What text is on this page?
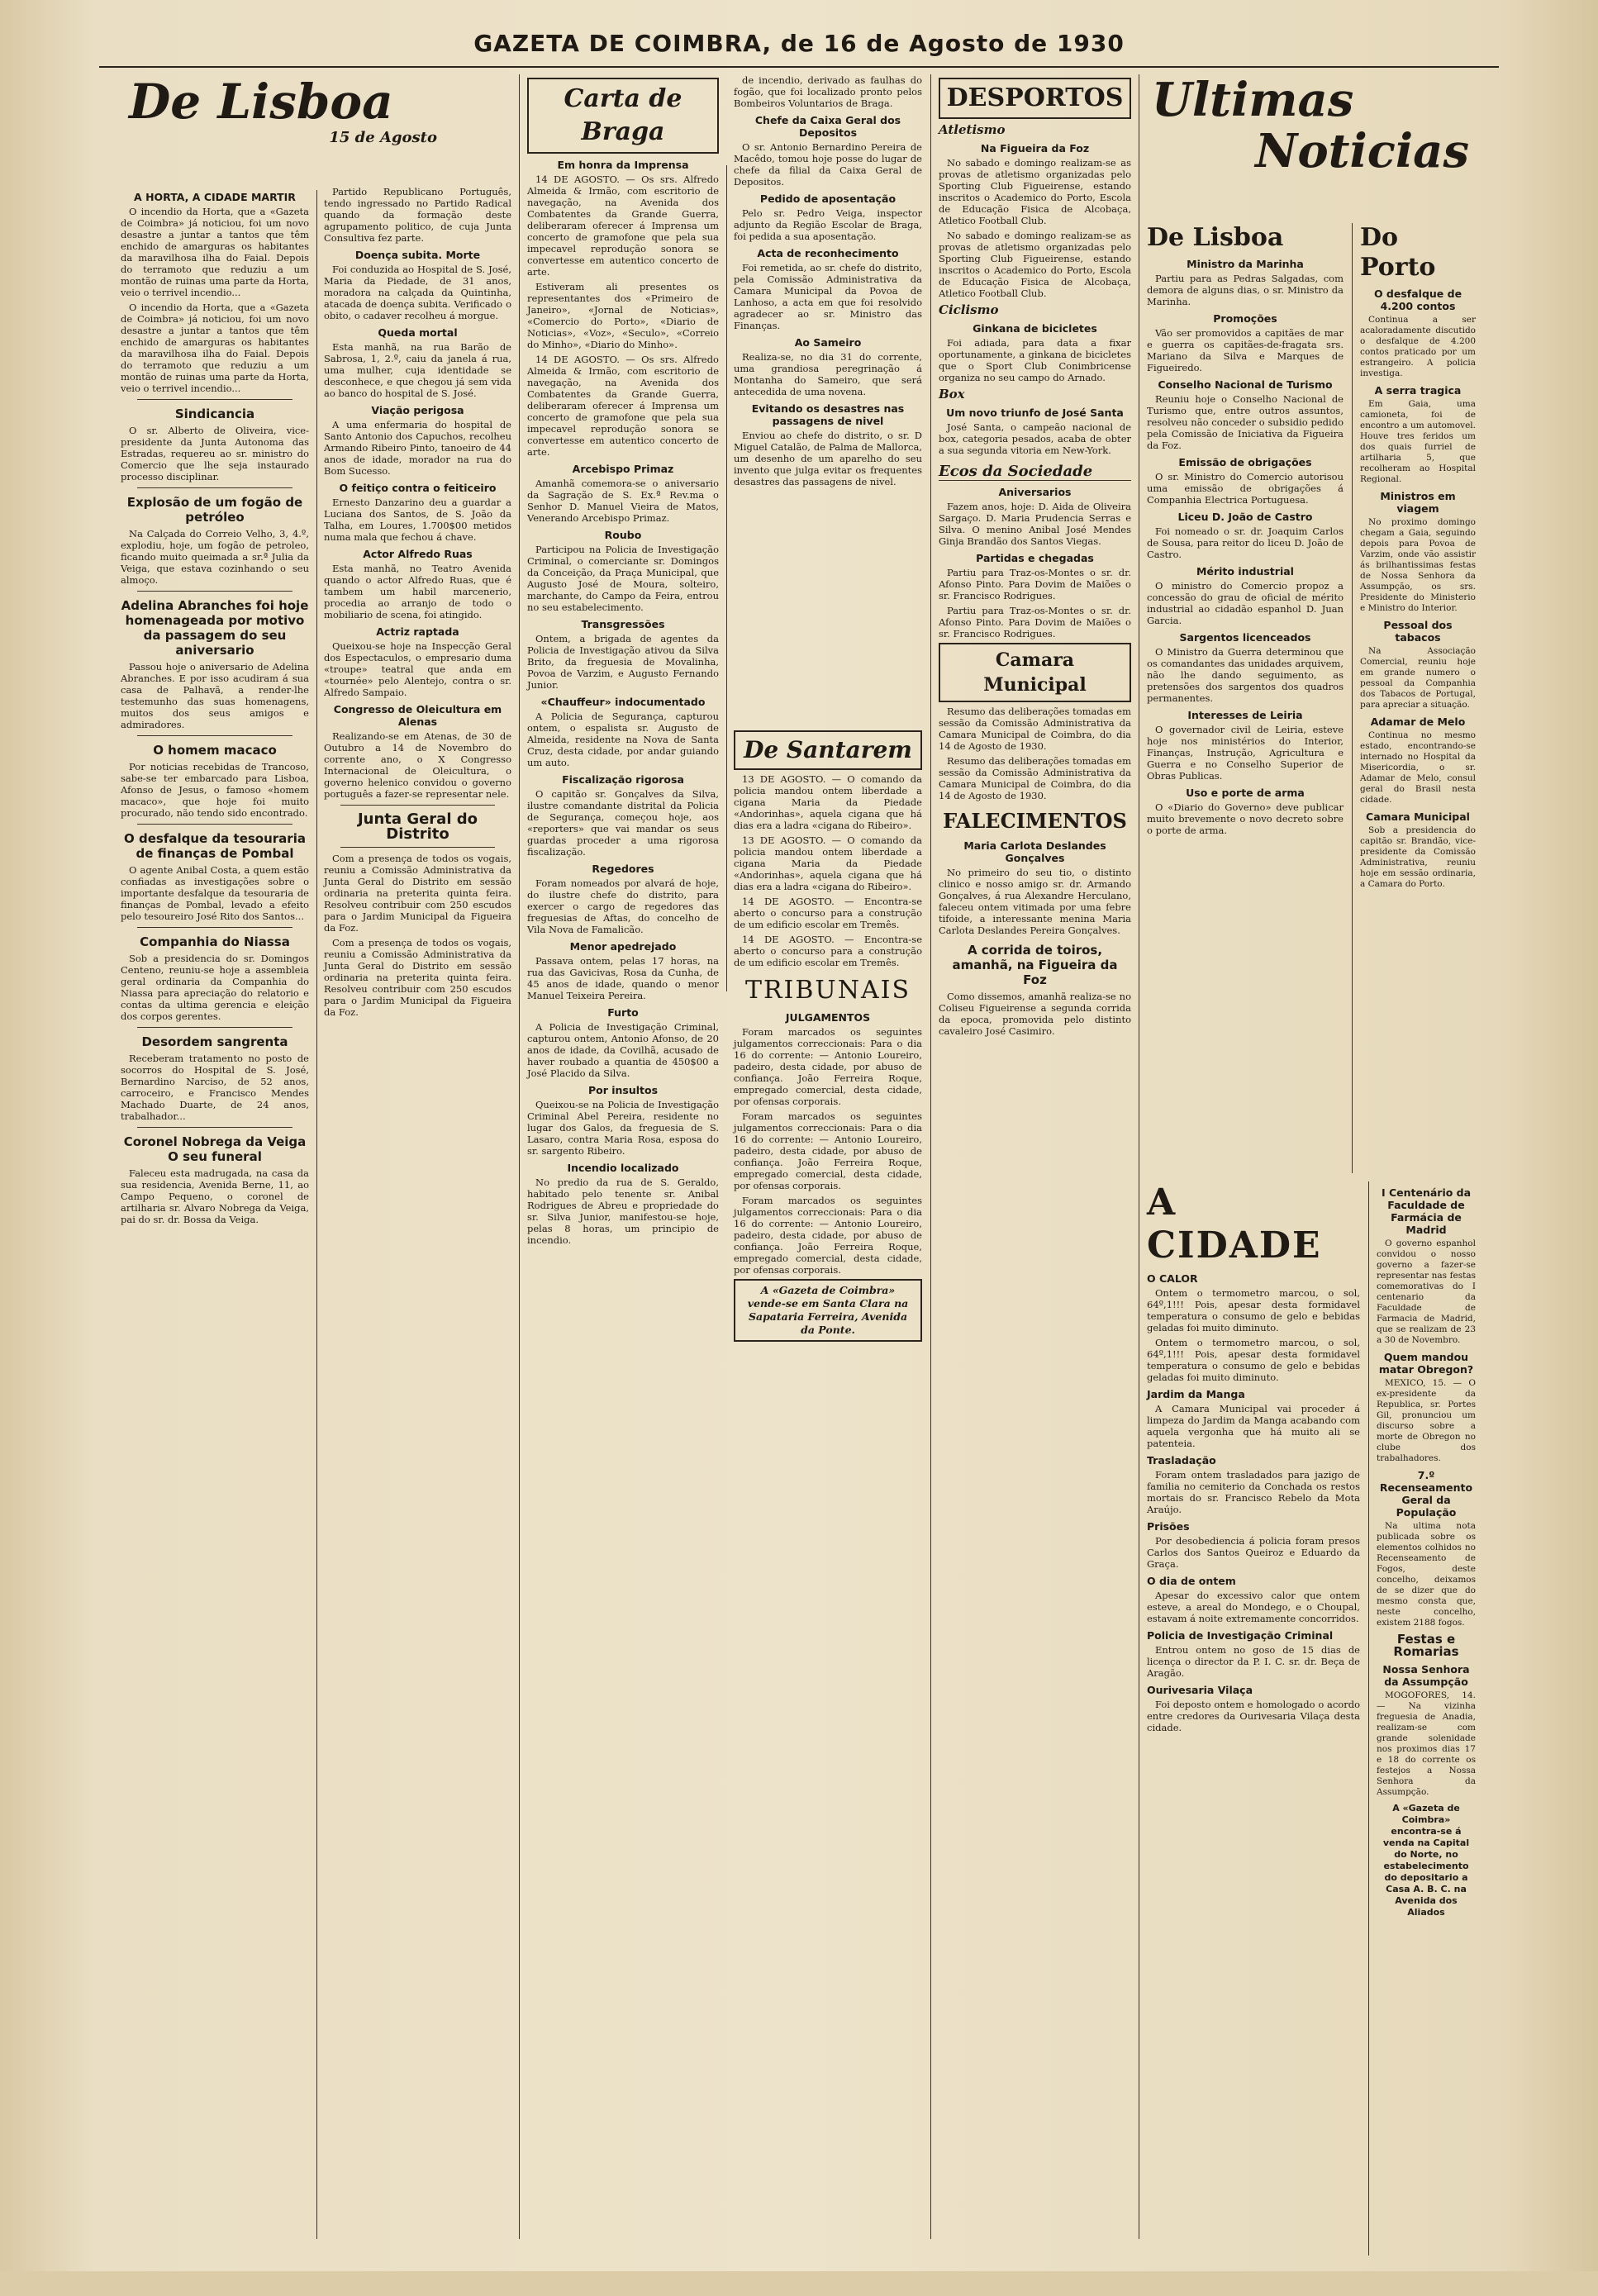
GAZETA DE COIMBRA, de 16 de Agosto de 1930
De Lisboa
15 de Agosto
A HORTA, A CIDADE MARTIR

O incendio da Horta, que a «Gazeta de Coimbra» já noticiou, foi um novo desastre a juntar a tantos que têm enchido de amarguras os habitantes da maravilhosa ilha do Faial. Depois do terramoto que reduziu a um montão de ruinas uma parte da Horta, veio o terrivel incendio...

O incendio da Horta, que a «Gazeta de Coimbra» já noticiou, foi um novo desastre a juntar a tantos que têm enchido de amarguras os habitantes da maravilhosa ilha do Faial. Depois do terramoto que reduziu a um montão de ruinas uma parte da Horta, veio o terrivel incendio...

Sindicancia

O sr. Alberto de Oliveira, vice-presidente da Junta Autonoma das Estradas, requereu ao sr. ministro do Comercio que lhe seja instaurado processo disciplinar.

Explosão de um fogão de petróleo

Na Calçada do Correio Velho, 3, 4.º, explodiu, hoje, um fogão de petroleo, ficando muito queimada a sr.ª Julia da Veiga, que estava cozinhando o seu almoço.

Adelina Abranches foi hoje homenageada por motivo da passagem do seu aniversario

Passou hoje o aniversario de Adelina Abranches. E por isso acudiram á sua casa de Palhavã, a render-lhe testemunho das suas homenagens, muitos dos seus amigos e admiradores.

O homem macaco

Por noticias recebidas de Trancoso, sabe-se ter embarcado para Lisboa, Afonso de Jesus, o famoso «homem macaco», que hoje foi muito procurado, não tendo sido encontrado.

O desfalque da tesouraria de finanças de Pombal

O agente Anibal Costa, a quem estão confiadas as investigações sobre o importante desfalque da tesouraria de finanças de Pombal, levado a efeito pelo tesoureiro José Rito dos Santos...

Companhia do Niassa

Sob a presidencia do sr. Domingos Centeno, reuniu-se hoje a assembleia geral ordinaria da Companhia do Niassa para apreciação do relatorio e contas da ultima gerencia e eleição dos corpos gerentes.

Desordem sangrenta

Receberam tratamento no posto de socorros do Hospital de S. José, Bernardino Narciso, de 52 anos, carroceiro, e Francisco Mendes Machado Duarte, de 24 anos, trabalhador...

Coronel Nobrega da Veiga O seu funeral

Faleceu esta madrugada, na casa da sua residencia, Avenida Berne, 11, ao Campo Pequeno, o coronel de artilharia sr. Alvaro Nobrega da Veiga, pai do sr. dr. Bossa da Veiga.

Partido Republicano Português, tendo ingressado no Partido Radical quando da formação deste agrupamento politico, de cuja Junta Consultiva fez parte.

Doença subita. Morte

Foi conduzida ao Hospital de S. José, Maria da Piedade, de 31 anos, moradora na calçada da Quintinha, atacada de doença subita. Verificado o obito, o cadaver recolheu á morgue.

Queda mortal

Esta manhã, na rua Barão de Sabrosa, 1, 2.º, caiu da janela á rua, uma mulher, cuja identidade se desconhece, e que chegou já sem vida ao banco do hospital de S. José.

Viação perigosa

A uma enfermaria do hospital de Santo Antonio dos Capuchos, recolheu Armando Ribeiro Pinto, tanoeiro de 44 anos de idade, morador na rua do Bom Sucesso.

O feitiço contra o feiticeiro

Ernesto Danzarino deu a guardar a Luciana dos Santos, de S. João da Talha, em Loures, 1.700$00 metidos numa mala que fechou á chave.

Actor Alfredo Ruas

Esta manhã, no Teatro Avenida quando o actor Alfredo Ruas, que é tambem um habil marcenerio, procedia ao arranjo de todo o mobiliario de scena, foi atingido.

Actriz raptada

Queixou-se hoje na Inspecção Geral dos Espectaculos, o empresario duma «troupe» teatral que anda em «tournée» pelo Alentejo, contra o sr. Alfredo Sampaio.

Congresso de Oleicultura em Alenas

Realizando-se em Atenas, de 30 de Outubro a 14 de Novembro do corrente ano, o X Congresso Internacional de Oleicultura, o governo helenico convidou o governo português a fazer-se representar nele.

Junta Geral do Distrito

Com a presença de todos os vogais, reuniu a Comissão Administrativa da Junta Geral do Distrito em sessão ordinaria na preterita quinta feira. Resolveu contribuir com 250 escudos para o Jardim Municipal da Figueira da Foz.

Com a presença de todos os vogais, reuniu a Comissão Administrativa da Junta Geral do Distrito em sessão ordinaria na preterita quinta feira. Resolveu contribuir com 250 escudos para o Jardim Municipal da Figueira da Foz.

Carta de Braga
Em honra da Imprensa

14 DE AGOSTO. — Os srs. Alfredo Almeida & Irmão, com escritorio de navegação, na Avenida dos Combatentes da Grande Guerra, deliberaram oferecer á Imprensa um concerto de gramofone que pela sua impecavel reprodução sonora se convertesse em autentico concerto de arte.

Estiveram ali presentes os representantes dos «Primeiro de Janeiro», «Jornal de Noticias», «Comercio do Porto», «Diario de Noticias», «Voz», «Seculo», «Correio do Minho», «Diario do Minho».

14 DE AGOSTO. — Os srs. Alfredo Almeida & Irmão, com escritorio de navegação, na Avenida dos Combatentes da Grande Guerra, deliberaram oferecer á Imprensa um concerto de gramofone que pela sua impecavel reprodução sonora se convertesse em autentico concerto de arte.

Arcebispo Primaz

Amanhã comemora-se o aniversario da Sagração de S. Ex.ª Rev.ma o Senhor D. Manuel Vieira de Matos, Venerando Arcebispo Primaz.

Roubo

Participou na Policia de Investigação Criminal, o comerciante sr. Domingos da Conceição, da Praça Municipal, que Augusto José de Moura, solteiro, marchante, do Campo da Feira, entrou no seu estabelecimento.

Transgressões

Ontem, a brigada de agentes da Policia de Investigação ativou da Silva Brito, da freguesia de Movalinha, Povoa de Varzim, e Augusto Fernando Junior.

«Chauffeur» indocumentado

A Policia de Segurança, capturou ontem, o espalista sr. Augusto de Almeida, residente na Nova de Santa Cruz, desta cidade, por andar guiando um auto.

Fiscalização rigorosa

O capitão sr. Gonçalves da Silva, ilustre comandante distrital da Policia de Segurança, começou hoje, aos «reporters» que vai mandar os seus guardas proceder a uma rigorosa fiscalização.

Regedores

Foram nomeados por alvará de hoje, do ilustre chefe do distrito, para exercer o cargo de regedores das freguesias de Aftas, do concelho de Vila Nova de Famalicão.

Menor apedrejado

Passava ontem, pelas 17 horas, na rua das Gavicivas, Rosa da Cunha, de 45 anos de idade, quando o menor Manuel Teixeira Pereira.

Furto

A Policia de Investigação Criminal, capturou ontem, Antonio Afonso, de 20 anos de idade, da Covilhã, acusado de haver roubado a quantia de 450$00 a José Placido da Silva.

Por insultos

Queixou-se na Policia de Investigação Criminal Abel Pereira, residente no lugar dos Galos, da freguesia de S. Lasaro, contra Maria Rosa, esposa do sr. sargento Ribeiro.

Incendio localizado

No predio da rua de S. Geraldo, habitado pelo tenente sr. Anibal Rodrigues de Abreu e propriedade do sr. Silva Junior, manifestou-se hoje, pelas 8 horas, um principio de incendio.

de incendio, derivado as faulhas do fogão, que foi localizado pronto pelos Bombeiros Voluntarios de Braga.

Chefe da Caixa Geral dos Depositos

O sr. Antonio Bernardino Pereira de Macêdo, tomou hoje posse do lugar de chefe da filial da Caixa Geral de Depositos.

Pedido de aposentação

Pelo sr. Pedro Veiga, inspector adjunto da Região Escolar de Braga, foi pedida a sua aposentação.

Acta de reconhecimento

Foi remetida, ao sr. chefe do distrito, pela Comissão Administrativa da Camara Municipal da Povoa de Lanhoso, a acta em que foi resolvido agradecer ao sr. Ministro das Finanças.

Ao Sameiro

Realiza-se, no dia 31 do corrente, uma grandiosa peregrinação á Montanha do Sameiro, que será antecedida de uma novena.

Evitando os desastres nas passagens de nivel

Enviou ao chefe do distrito, o sr. D Miguel Catalão, de Palma de Mallorca, um desenho de um aparelho do seu invento que julga evitar os frequentes desastres das passagens de nivel.

De Santarem

13 DE AGOSTO. — O comando da policia mandou ontem liberdade a cigana Maria da Piedade «Andorinhas», aquela cigana que há dias era a ladra «cigana do Ribeiro».

13 DE AGOSTO. — O comando da policia mandou ontem liberdade a cigana Maria da Piedade «Andorinhas», aquela cigana que há dias era a ladra «cigana do Ribeiro».

14 DE AGOSTO. — Encontra-se aberto o concurso para a construção de um edificio escolar em Tremês.

14 DE AGOSTO. — Encontra-se aberto o concurso para a construção de um edificio escolar em Tremês.

TRIBUNAIS
JULGAMENTOS

Foram marcados os seguintes julgamentos correccionais: Para o dia 16 do corrente: — Antonio Loureiro, padeiro, desta cidade, por abuso de confiança. João Ferreira Roque, empregado comercial, desta cidade, por ofensas corporais.

Foram marcados os seguintes julgamentos correccionais: Para o dia 16 do corrente: — Antonio Loureiro, padeiro, desta cidade, por abuso de confiança. João Ferreira Roque, empregado comercial, desta cidade, por ofensas corporais.

Foram marcados os seguintes julgamentos correccionais: Para o dia 16 do corrente: — Antonio Loureiro, padeiro, desta cidade, por abuso de confiança. João Ferreira Roque, empregado comercial, desta cidade, por ofensas corporais.

A «Gazeta de Coimbra» vende-se em Santa Clara na Sapataria Ferreira, Avenida da Ponte.
DESPORTOS
Atletismo
Na Figueira da Foz

No sabado e domingo realizam-se as provas de atletismo organizadas pelo Sporting Club Figueirense, estando inscritos o Academico do Porto, Escola de Educação Fisica de Alcobaça, Atletico Football Club.

No sabado e domingo realizam-se as provas de atletismo organizadas pelo Sporting Club Figueirense, estando inscritos o Academico do Porto, Escola de Educação Fisica de Alcobaça, Atletico Football Club.

Ciclismo
Ginkana de bicicletes

Foi adiada, para data a fixar oportunamente, a ginkana de bicicletes que o Sport Club Conimbricense organiza no seu campo do Arnado.

Box
Um novo triunfo de José Santa

José Santa, o campeão nacional de box, categoria pesados, acaba de obter a sua segunda vitoria em New-York.

Ecos da Sociedade
Aniversarios

Fazem anos, hoje: D. Aida de Oliveira Sargaço. D. Maria Prudencia Serras e Silva. O menino Anibal José Mendes Ginja Brandão dos Santos Viegas.

Partidas e chegadas

Partiu para Traz-os-Montes o sr. dr. Afonso Pinto. Para Dovim de Maiões o sr. Francisco Rodrigues.

Partiu para Traz-os-Montes o sr. dr. Afonso Pinto. Para Dovim de Maiões o sr. Francisco Rodrigues.

Camara Municipal

Resumo das deliberações tomadas em sessão da Comissão Administrativa da Camara Municipal de Coimbra, do dia 14 de Agosto de 1930.

Resumo das deliberações tomadas em sessão da Comissão Administrativa da Camara Municipal de Coimbra, do dia 14 de Agosto de 1930.

FALECIMENTOS
Maria Carlota Deslandes Gonçalves

No primeiro do seu tio, o distinto clinico e nosso amigo sr. dr. Armando Gonçalves, á rua Alexandre Herculano, faleceu ontem vitimada por uma febre tifoide, a interessante menina Maria Carlota Deslandes Pereira Gonçalves.

A corrida de toiros, amanhã, na Figueira da Foz

Como dissemos, amanhã realiza-se no Coliseu Figueirense a segunda corrida da epoca, promovida pelo distinto cavaleiro José Casimiro.

Ultimas
Noticias
De Lisboa
Ministro da Marinha

Partiu para as Pedras Salgadas, com demora de alguns dias, o sr. Ministro da Marinha.

Promoções

Vão ser promovidos a capitães de mar e guerra os capitães-de-fragata srs. Mariano da Silva e Marques de Figueiredo.

Conselho Nacional de Turismo

Reuniu hoje o Conselho Nacional de Turismo que, entre outros assuntos, resolveu não conceder o subsidio pedido pela Comissão de Iniciativa da Figueira da Foz.

Emissão de obrigações

O sr. Ministro do Comercio autorisou uma emissão de obrigações á Companhia Electrica Portuguesa.

Liceu D. João de Castro

Foi nomeado o sr. dr. Joaquim Carlos de Sousa, para reitor do liceu D. João de Castro.

Mérito industrial

O ministro do Comercio propoz a concessão do grau de oficial de mérito industrial ao cidadão espanhol D. Juan Garcia.

Sargentos licenceados

O Ministro da Guerra determinou que os comandantes das unidades arquivem, não lhe dando seguimento, as pretensões dos sargentos dos quadros permanentes.

Interesses de Leiria

O governador civil de Leiria, esteve hoje nos ministérios do Interior, Finanças, Instrução, Agricultura e Guerra e no Conselho Superior de Obras Publicas.

Uso e porte de arma

O «Diario do Governo» deve publicar muito brevemente o novo decreto sobre o porte de arma.

Do Porto
O desfalque de 4.200 contos

Continua a ser acaloradamente discutido o desfalque de 4.200 contos praticado por um estrangeiro. A policia investiga.

A serra tragica

Em Gaia, uma camioneta, foi de encontro a um automovel. Houve tres feridos um dos quais furriel de artilharia 5, que recolheram ao Hospital Regional.

Ministros em viagem

No proximo domingo chegam a Gaia, seguindo depois para Povoa de Varzim, onde vão assistir ás brilhantissimas festas de Nossa Senhora da Assumpção, os srs. Presidente do Ministerio e Ministro do Interior.

Pessoal dos tabacos

Na Associação Comercial, reuniu hoje em grande numero o pessoal da Companhia dos Tabacos de Portugal, para apreciar a situação.

Adamar de Melo

Continua no mesmo estado, encontrando-se internado no Hospital da Misericordia, o sr. Adamar de Melo, consul geral do Brasil nesta cidade.

Camara Municipal

Sob a presidencia do capitão sr. Brandão, vice-presidente da Comissão Administrativa, reuniu hoje em sessão ordinaria, a Camara do Porto.

A CIDADE
O CALOR

Ontem o termometro marcou, o sol, 64º,1!!! Pois, apesar desta formidavel temperatura o consumo de gelo e bebidas geladas foi muito diminuto.

Ontem o termometro marcou, o sol, 64º,1!!! Pois, apesar desta formidavel temperatura o consumo de gelo e bebidas geladas foi muito diminuto.

Jardim da Manga

A Camara Municipal vai proceder á limpeza do Jardim da Manga acabando com aquela vergonha que há muito ali se patenteia.

Trasladação

Foram ontem trasladados para jazigo de familia no cemiterio da Conchada os restos mortais do sr. Francisco Rebelo da Mota Araújo.

Prisões

Por desobediencia á policia foram presos Carlos dos Santos Queiroz e Eduardo da Graça.

O dia de ontem

Apesar do excessivo calor que ontem esteve, a areal do Mondego, e o Choupal, estavam á noite extremamente concorridos.

Policia de Investigação Criminal

Entrou ontem no goso de 15 dias de licença o director da P. I. C. sr. dr. Beça de Aragão.

Ourivesaria Vilaça

Foi deposto ontem e homologado o acordo entre credores da Ourivesaria Vilaça desta cidade.

I Centenário da Faculdade de Farmácia de Madrid

O governo espanhol convidou o nosso governo a fazer-se representar nas festas comemorativas do I centenario da Faculdade de Farmacia de Madrid, que se realizam de 23 a 30 de Novembro.

Quem mandou matar Obregon?

MEXICO, 15. — O ex-presidente da Republica, sr. Portes Gil, pronunciou um discurso sobre a morte de Obregon no clube dos trabalhadores.

7.º Recenseamento Geral da População

Na ultima nota publicada sobre os elementos colhidos no Recenseamento de Fogos, deste concelho, deixamos de se dizer que do mesmo consta que, neste concelho, existem 2188 fogos.

Festas e Romarias
Nossa Senhora da Assumpção

MOGOFORES, 14. — Na vizinha freguesia de Anadia, realizam-se com grande solenidade nos proximos dias 17 e 18 do corrente os festejos a Nossa Senhora da Assumpção.

A «Gazeta de Coimbra» encontra-se á venda na Capital do Norte, no estabelecimento do depositario a Casa A. B. C. na Avenida dos Aliados
